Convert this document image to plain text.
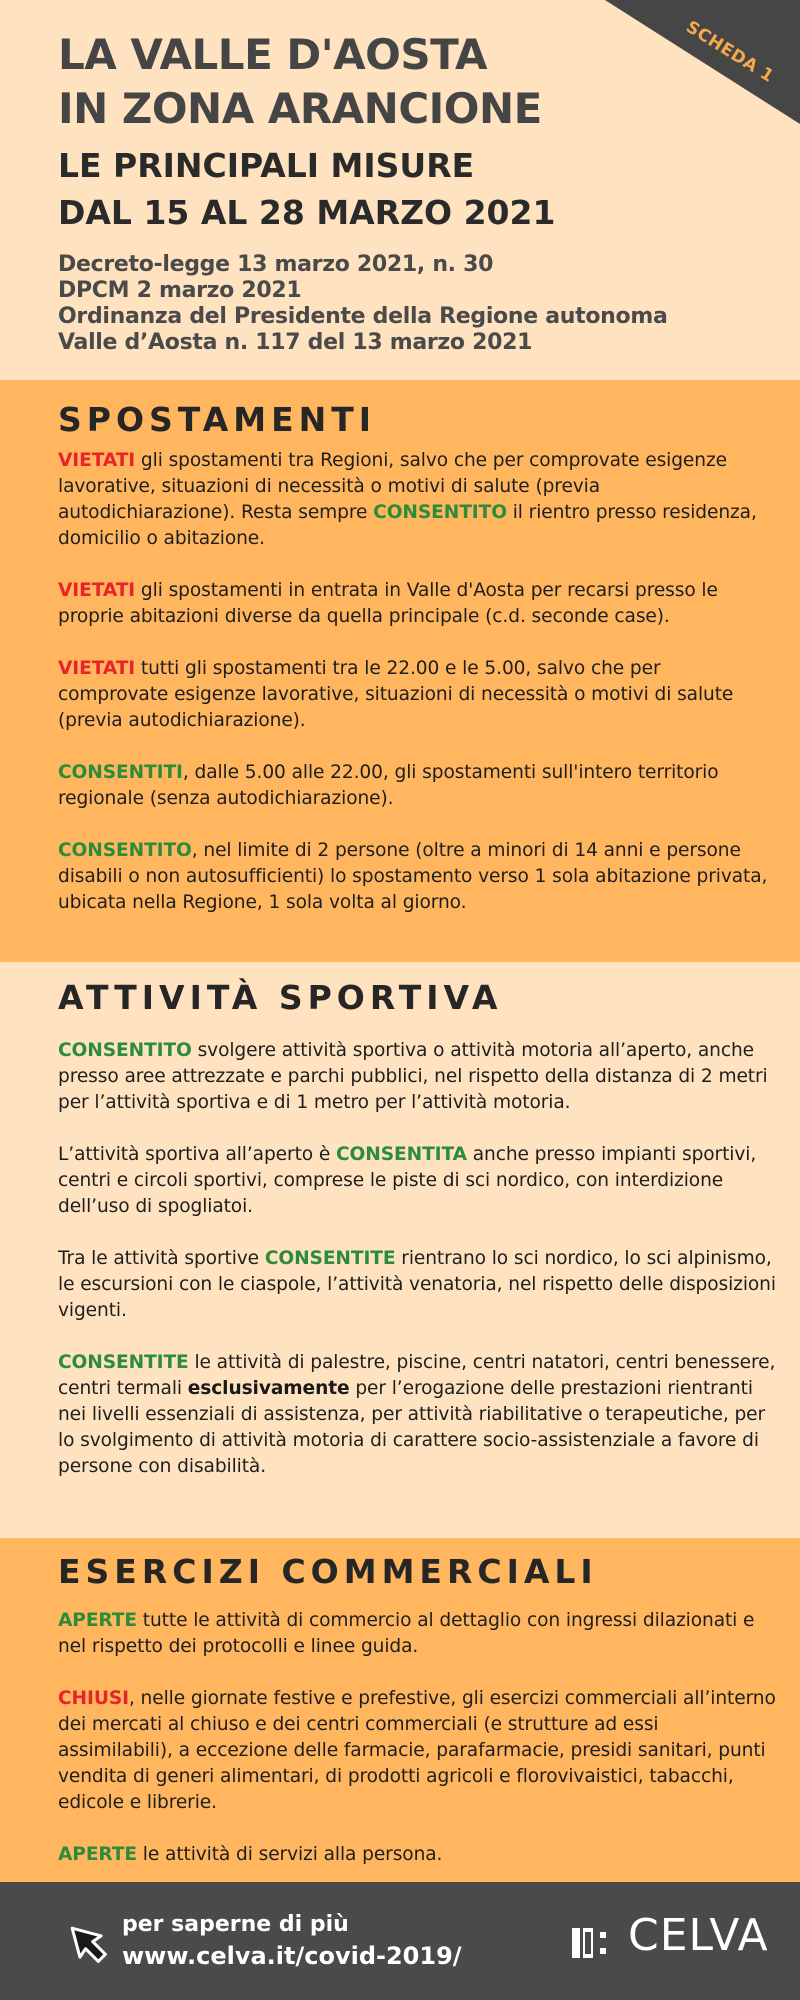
SCHEDA 1
LA VALLE D'AOSTA
IN ZONA ARANCIONE
LE PRINCIPALI MISURE
DAL 15 AL 28 MARZO 2021
Decreto-legge 13 marzo 2021, n. 30
DPCM 2 marzo 2021
Ordinanza del Presidente della Regione autonoma
Valle d’Aosta n. 117 del 13 marzo 2021
SPOSTAMENTI

VIETATI gli spostamenti tra Regioni, salvo che per comprovate esigenze lavorative, situazioni di necessità o motivi di salute (previa autodichiarazione). Resta sempre CONSENTITO il rientro presso residenza, domicilio o abitazione.

VIETATI gli spostamenti in entrata in Valle d'Aosta per recarsi presso le proprie abitazioni diverse da quella principale (c.d. seconde case).

VIETATI tutti gli spostamenti tra le 22.00 e le 5.00, salvo che per comprovate esigenze lavorative, situazioni di necessità o motivi di salute (previa autodichiarazione).

CONSENTITI, dalle 5.00 alle 22.00, gli spostamenti sull'intero territorio regionale (senza autodichiarazione).

CONSENTITO, nel limite di 2 persone (oltre a minori di 14 anni e persone disabili o non autosufficienti) lo spostamento verso 1 sola abitazione privata, ubicata nella Regione, 1 sola volta al giorno.

ATTIVITÀ SPORTIVA

CONSENTITO svolgere attività sportiva o attività motoria all’aperto, anche presso aree attrezzate e parchi pubblici, nel rispetto della distanza di 2 metri per l’attività sportiva e di 1 metro per l’attività motoria.

L’attività sportiva all’aperto è CONSENTITA anche presso impianti sportivi, centri e circoli sportivi, comprese le piste di sci nordico, con interdizione dell’uso di spogliatoi.

Tra le attività sportive CONSENTITE rientrano lo sci nordico, lo sci alpinismo, le escursioni con le ciaspole, l’attività venatoria, nel rispetto delle disposizioni vigenti.

CONSENTITE le attività di palestre, piscine, centri natatori, centri benessere, centri termali esclusivamente per l’erogazione delle prestazioni rientranti nei livelli essenziali di assistenza, per attività riabilitative o terapeutiche, per lo svolgimento di attività motoria di carattere socio-assistenziale a favore di persone con disabilità.

ESERCIZI COMMERCIALI

APERTE tutte le attività di commercio al dettaglio con ingressi dilazionati e nel rispetto dei protocolli e linee guida.

CHIUSI, nelle giornate festive e prefestive, gli esercizi commerciali all’interno dei mercati al chiuso e dei centri commerciali (e strutture ad essi assimilabili), a eccezione delle farmacie, parafarmacie, presidi sanitari, punti vendita di generi alimentari, di prodotti agricoli e florovivaistici, tabacchi, edicole e librerie.

APERTE le attività di servizi alla persona.

per saperne di più
www.celva.it/covid-2019/	CELVA
